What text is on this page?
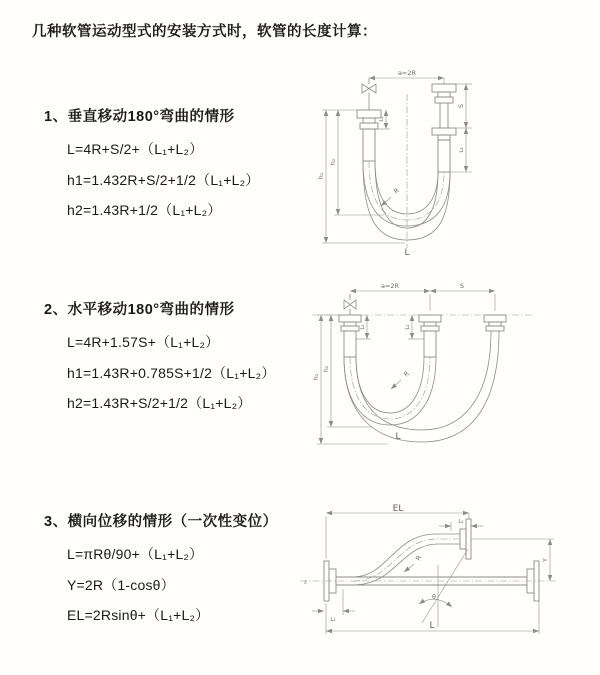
几种软管运动型式的安装方式时，软管的长度计算：
1、垂直移动180°弯曲的情形
L=4R+S/2+（L₁+L₂）
h1=1.432R+S/2+1/2（L₁+L₂）
h2=1.43R+1/2（L₁+L₂）
a=2R
h₁
h₂
L₁
S
L₂
R
L
2、水平移动180°弯曲的情形
L=4R+1.57S+（L₁+L₂）
h1=1.43R+0.785S+1/2（L₁+L₂）
h2=1.43R+S/2+1/2（L₁+L₂）
a=2R	S
h₁
h₂
L₁	L₂
R
L
3、横向位移的情形（一次性变位）
L=πRθ/90+（L₁+L₂）
Y=2R（1-cosθ）
EL=2Rsinθ+（L₁+L₂）
z
θ
EL
L₂
Y
L
L₁
R
